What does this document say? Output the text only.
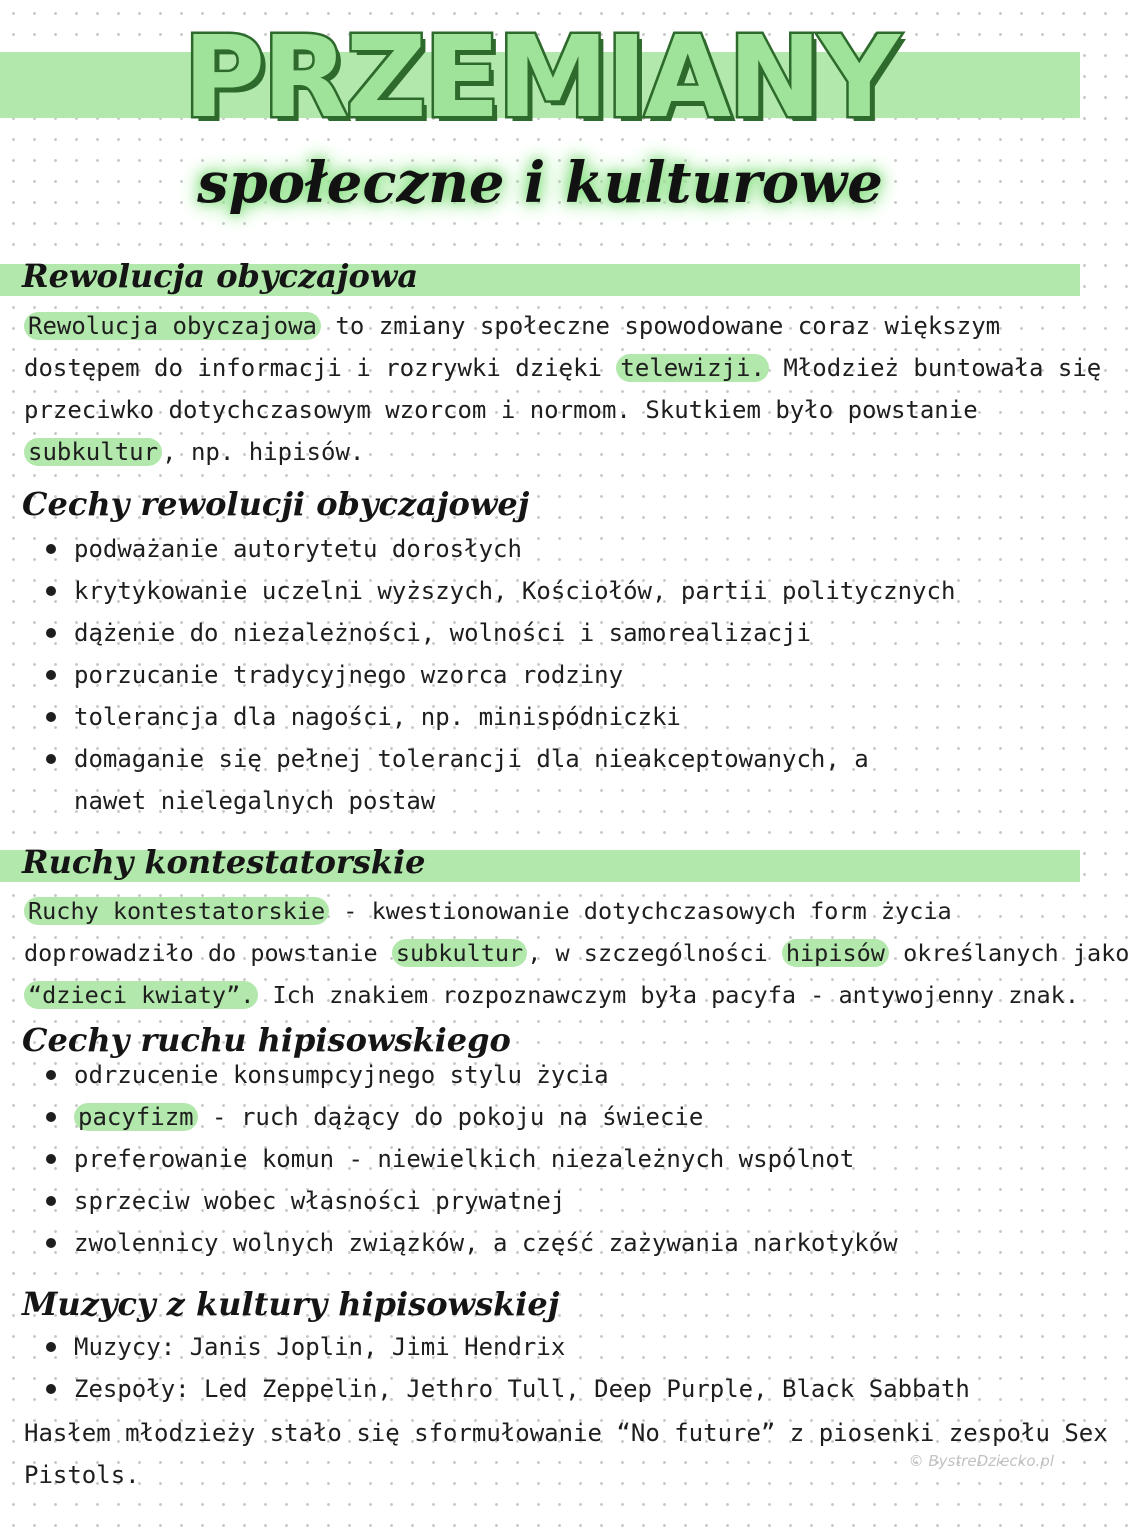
PRZEMIANY
społeczne i kulturowe
Rewolucja obyczajowa
Rewolucja obyczajowa to zmiany społeczne spowodowane coraz większym
dostępem do informacji i rozrywki dzięki telewizji. Młodzież buntowała się
przeciwko dotychczasowym wzorcom i normom. Skutkiem było powstanie
subkultur , np. hipisów.
Cechy rewolucji obyczajowej
podważanie autorytetu dorosłych
krytykowanie uczelni wyższych, Kościołów, partii politycznych
dążenie do niezależności, wolności i samorealizacji
porzucanie tradycyjnego wzorca rodziny
tolerancja dla nagości, np. minispódniczki
domaganie się pełnej tolerancji dla nieakceptowanych, a nawet nielegalnych postaw
Ruchy kontestatorskie
Ruchy kontestatorskie - kwestionowanie dotychczasowych form życia
doprowadziło do powstanie subkultur , w szczególności hipisów określanych jako
“dzieci kwiaty”. Ich znakiem rozpoznawczym była pacyfa - antywojenny znak.
Cechy ruchu hipisowskiego
odrzucenie konsumpcyjnego stylu życia
pacyfizm - ruch dążący do pokoju na świecie
preferowanie komun - niewielkich niezależnych wspólnot
sprzeciw wobec własności prywatnej
zwolennicy wolnych związków, a część zażywania narkotyków
Muzycy z kultury hipisowskiej
Muzycy: Janis Joplin, Jimi Hendrix
Zespoły: Led Zeppelin, Jethro Tull, Deep Purple, Black Sabbath
Hasłem młodzieży stało się sformułowanie “No future” z piosenki zespołu Sex
Pistols.	© BystreDziecko.pl
